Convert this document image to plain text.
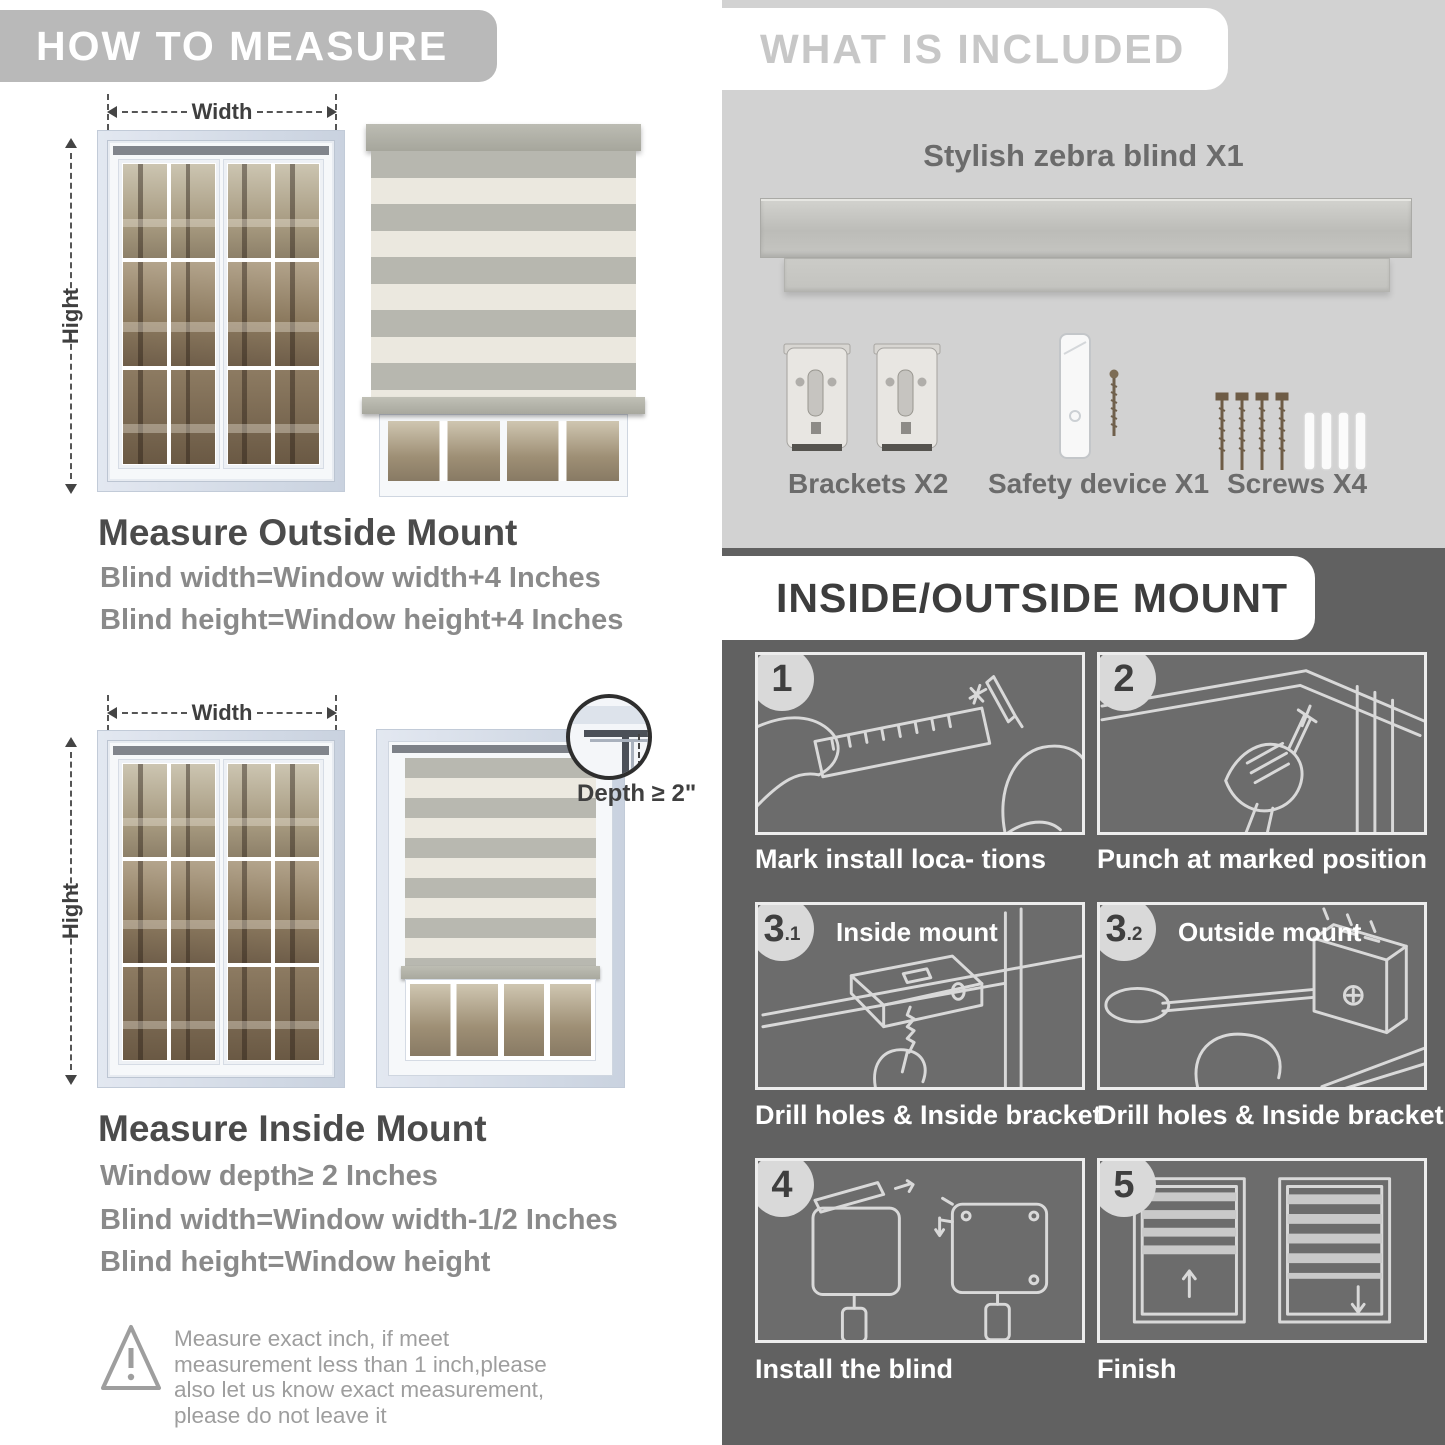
HOW TO MEASURE
Width
Hight
Measure Outside Mount
Blind width=Window width+4 Inches
Blind height=Window height+4 Inches
Width
Hight
Depth ≥ 2"
Measure Inside Mount
Window depth≥ 2 Inches
Blind width=Window width-1/2 Inches
Blind height=Window height
Measure exact inch, if meet measurement less than 1 inch,please also let us know exact measurement, please do not leave it
WHAT IS INCLUDED
Stylish zebra blind X1
Brackets X2 Safety device X1 Screws X4
INSIDE/OUTSIDE MOUNT
1
Mark install loca- tions
2
Punch at marked position
3 .1 Inside mount
Drill holes & Inside bracket
3 .2 Outside mount
Drill holes & Inside bracket
4
Install the blind
5
Finish
